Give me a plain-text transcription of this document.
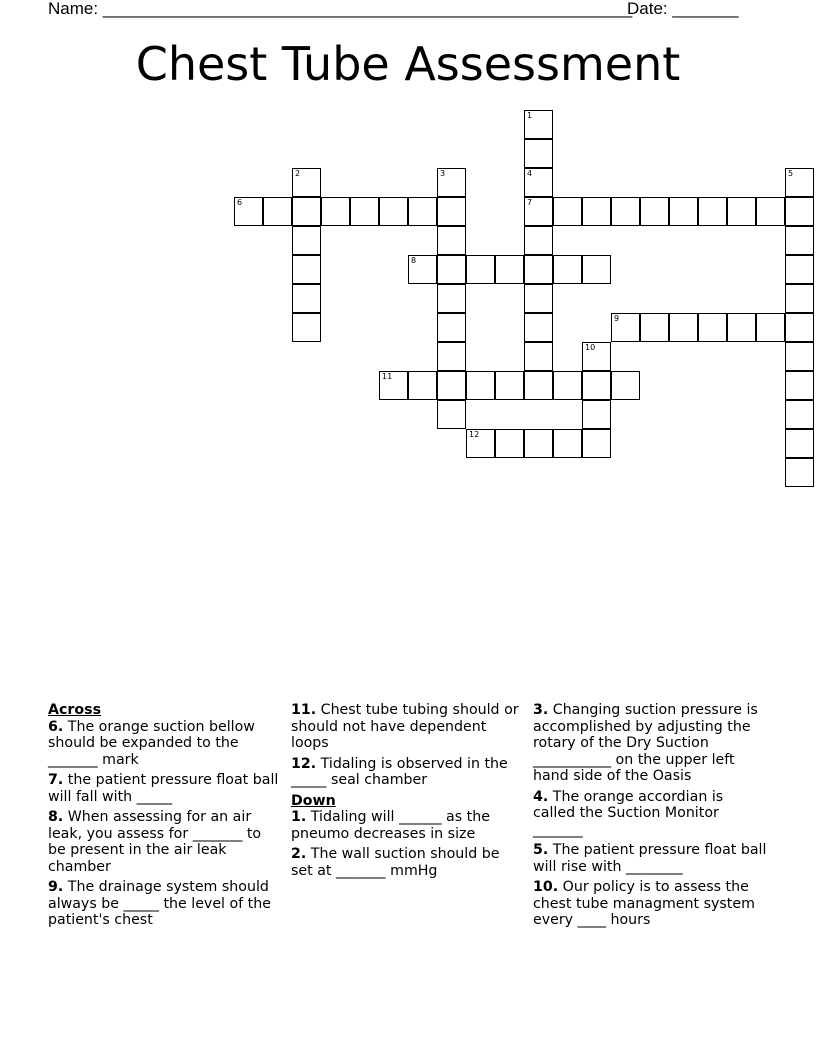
Name: ________________________________________________________
Date: _______
Chest Tube Assessment
1
4
7
2	3	5
6
8
9
10
11
12
Across
6. The orange suction bellow should be expanded to the _______ mark
7. the patient pressure float ball will fall with _____
8. When assessing for an air leak, you assess for _______ to be present in the air leak chamber
9. The drainage system should always be _____ the level of the patient's chest
11. Chest tube tubing should or should not have dependent loops
12. Tidaling is observed in the _____ seal chamber
Down
1. Tidaling will ______ as the pneumo decreases in size
2. The wall suction should be set at _______ mmHg
3. Changing suction pressure is accomplished by adjusting the rotary of the Dry Suction ___________ on the upper left hand side of the Oasis
4. The orange accordian is called the Suction Monitor _______
5. The patient pressure float ball will rise with ________
10. Our policy is to assess the chest tube managment system every ____ hours
